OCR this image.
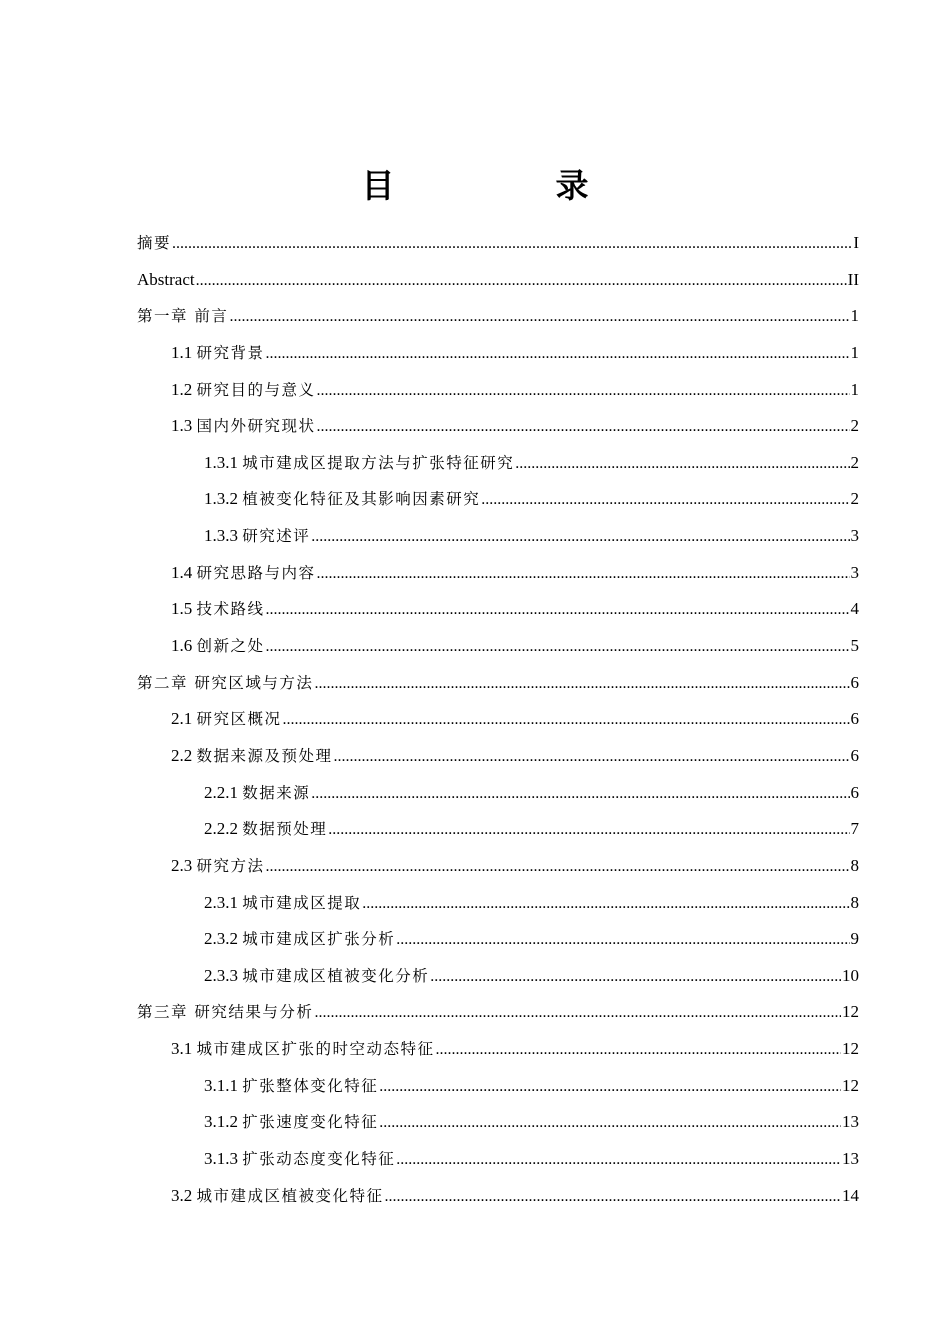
目　录
摘要 .....	I
Abstract .....	II
第一章 前言 .....	1
1.1 研究背景 .....	1
1.2 研究目的与意义 .....	1
1.3 国内外研究现状 .....	2
1.3.1 城市建成区提取方法与扩张特征研究 .....	2
1.3.2 植被变化特征及其影响因素研究 .....	2
1.3.3 研究述评 .....	3
1.4 研究思路与内容 .....	3
1.5 技术路线 .....	4
1.6 创新之处 .....	5
第二章 研究区域与方法 .....	6
2.1 研究区概况 .....	6
2.2 数据来源及预处理 .....	6
2.2.1 数据来源 .....	6
2.2.2 数据预处理 .....	7
2.3 研究方法 .....	8
2.3.1 城市建成区提取 .....	8
2.3.2 城市建成区扩张分析 .....	9
2.3.3 城市建成区植被变化分析 .....	10
第三章 研究结果与分析 .....	12
3.1 城市建成区扩张的时空动态特征 .....	12
3.1.1 扩张整体变化特征 .....	12
3.1.2 扩张速度变化特征 .....	13
3.1.3 扩张动态度变化特征 .....	13
3.2 城市建成区植被变化特征 .....	14
